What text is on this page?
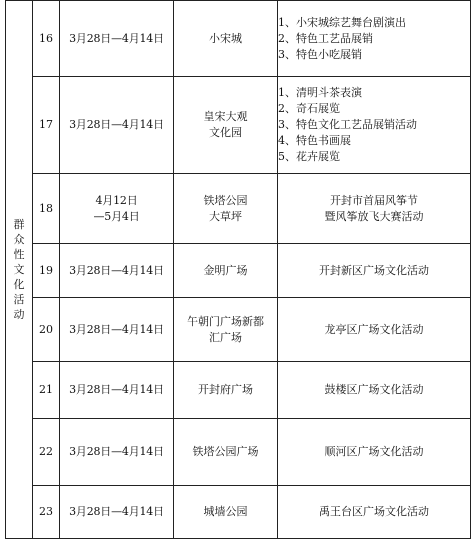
群众性文化活动	16	3月28日—4月14日	小宋城	1、小宋城综艺舞台剧演出
2、特色工艺品展销
3、特色小吃展销

	17	3月28日—4月14日	皇宋大观
文化园	1、清明斗茶表演
2、奇石展览
3、特色文化工艺品展销活动
4、特色书画展
5、花卉展览

	18	4月12日
—5月4日	铁塔公园
大草坪	开封市首届风筝节
暨风筝放飞大赛活动

	19	3月28日—4月14日	金明广场	开封新区广场文化活动

	20	3月28日—4月14日	午朝门广场新都
汇广场	龙亭区广场文化活动

	21	3月28日—4月14日	开封府广场	鼓楼区广场文化活动

	22	3月28日—4月14日	铁塔公园广场	顺河区广场文化活动

	23	3月28日—4月14日	城墙公园	禹王台区广场文化活动
